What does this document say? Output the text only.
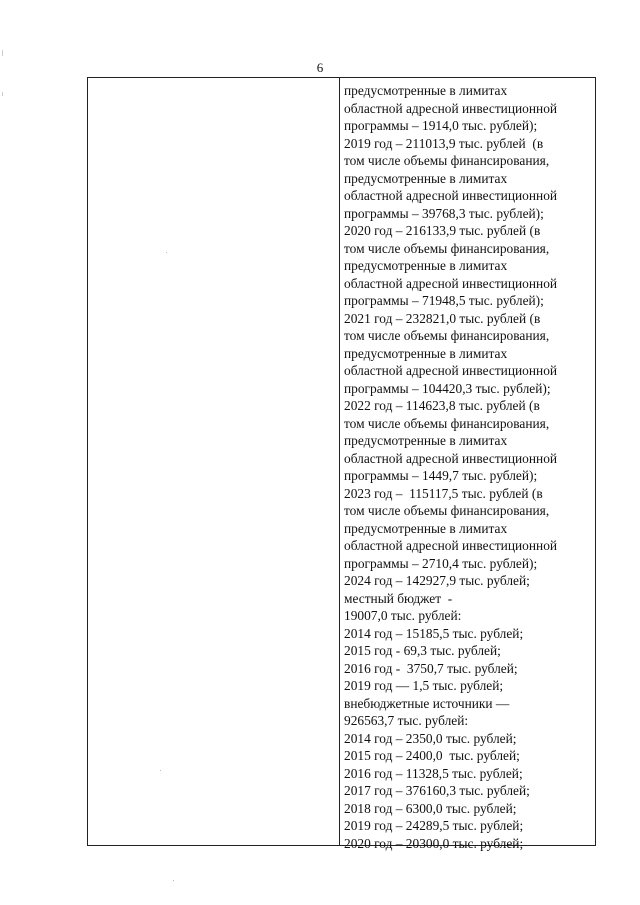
6
предусмотренные в лимитах
областной адресной инвестиционной
программы – 1914,0 тыс. рублей);
2019 год – 211013,9 тыс. рублей  (в
том числе объемы финансирования,
предусмотренные в лимитах
областной адресной инвестиционной
программы – 39768,3 тыс. рублей);
2020 год – 216133,9 тыс. рублей (в
том числе объемы финансирования,
предусмотренные в лимитах
областной адресной инвестиционной
программы – 71948,5 тыс. рублей);
2021 год – 232821,0 тыс. рублей (в
том числе объемы финансирования,
предусмотренные в лимитах
областной адресной инвестиционной
программы – 104420,3 тыс. рублей);
2022 год – 114623,8 тыс. рублей (в
том числе объемы финансирования,
предусмотренные в лимитах
областной адресной инвестиционной
программы – 1449,7 тыс. рублей);
2023 год –  115117,5 тыс. рублей (в
том числе объемы финансирования,
предусмотренные в лимитах
областной адресной инвестиционной
программы – 2710,4 тыс. рублей);
2024 год – 142927,9 тыс. рублей;
местный бюджет  -
19007,0 тыс. рублей:
2014 год – 15185,5 тыс. рублей;
2015 год - 69,3 тыс. рублей;
2016 год -  3750,7 тыс. рублей;
2019 год — 1,5 тыс. рублей;
внебюджетные источники —
926563,7 тыс. рублей:
2014 год – 2350,0 тыс. рублей;
2015 год – 2400,0  тыс. рублей;
2016 год – 11328,5 тыс. рублей;
2017 год – 376160,3 тыс. рублей;
2018 год – 6300,0 тыс. рублей;
2019 год – 24289,5 тыс. рублей;
2020 год – 20300,0 тыс. рублей;
